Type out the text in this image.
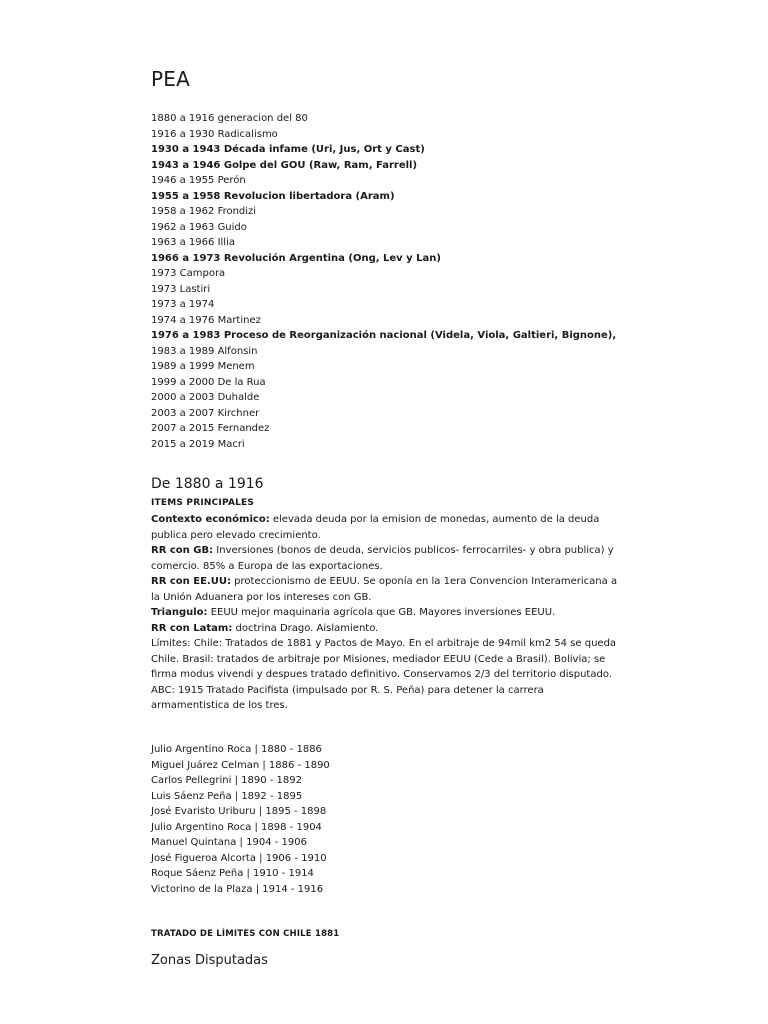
PEA
1880 a 1916 generacion del 80
1916 a 1930 Radicalismo
1930 a 1943 Década infame (Uri, Jus, Ort y Cast)
1943 a 1946 Golpe del GOU (Raw, Ram, Farrell)
1946 a 1955 Perón
1955 a 1958 Revolucion libertadora (Aram)
1958 a 1962 Frondizi
1962 a 1963 Guido
1963 a 1966 Illia
1966 a 1973 Revolución Argentina (Ong, Lev y Lan)
1973 Campora
1973 Lastiri
1973 a 1974
1974 a 1976 Martinez
1976 a 1983 Proceso de Reorganización nacional (Videla, Viola, Galtieri, Bignone),
1983 a 1989 Alfonsin
1989 a 1999 Menem
1999 a 2000 De la Rua
2000 a 2003 Duhalde
2003 a 2007 Kirchner
2007 a 2015 Fernandez
2015 a 2019 Macri
De 1880 a 1916
ITEMS PRINCIPALES

Contexto económico: elevada deuda por la emision de monedas, aumento de la deuda publica pero elevado crecimiento.

RR con GB: Inversiones (bonos de deuda, servicios publicos- ferrocarriles- y obra publica) y comercio. 85% a Europa de las exportaciones.

RR con EE.UU: proteccionismo de EEUU. Se oponía en la 1era Convencion Interamericana a la Unión Aduanera por los intereses con GB.

Triangulo: EEUU mejor maquinaria agrícola que GB. Mayores inversiones EEUU.

RR con Latam: doctrina Drago. Aislamiento.

Límites: Chile: Tratados de 1881 y Pactos de Mayo. En el arbitraje de 94mil km2 54 se queda Chile. Brasil: tratados de arbitraje por Misiones, mediador EEUU (Cede a Brasil). Bolivia; se firma modus vivendi y despues tratado definitivo. Conservamos 2/3 del territorio disputado.

ABC: 1915 Tratado Pacifista (impulsado por R. S. Peña) para detener la carrera armamentistica de los tres.

Julio Argentino Roca | 1880 - 1886
Miguel Juárez Celman | 1886 - 1890
Carlos Pellegrini | 1890 - 1892
Luis Sáenz Peña | 1892 - 1895
José Evaristo Uriburu | 1895 - 1898
Julio Argentino Roca | 1898 - 1904
Manuel Quintana | 1904 - 1906
José Figueroa Alcorta | 1906 - 1910
Roque Sáenz Peña | 1910 - 1914
Victorino de la Plaza | 1914 - 1916
TRATADO DE LÍMITES CON CHILE 1881
Zonas Disputadas
